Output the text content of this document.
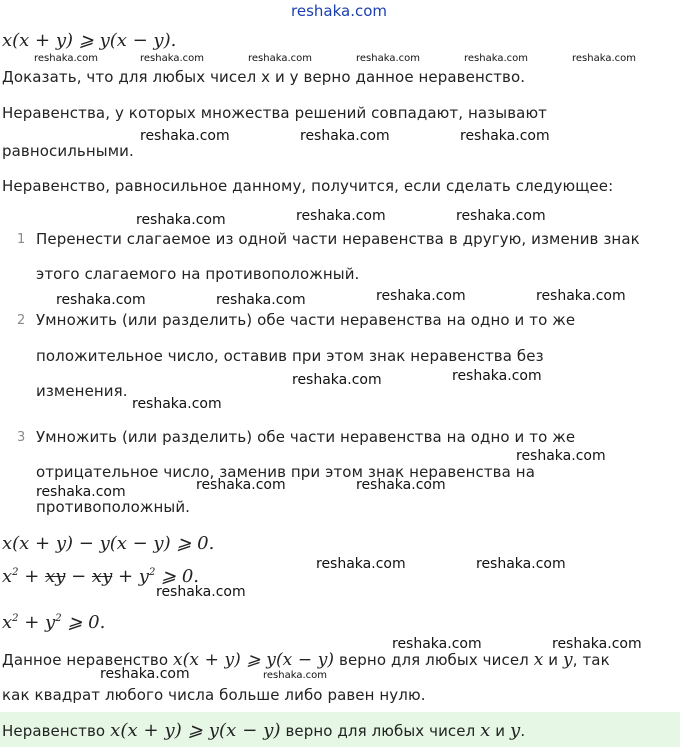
reshaka.com
x(x + y) ⩾ y(x − y).
reshaka.com	reshaka.com	reshaka.com	reshaka.com	reshaka.com	reshaka.com
Доказать, что для любых чисел x и y верно данное неравенство.
Неравенства, у которых множества решений совпадают, называют
reshaka.com	reshaka.com	reshaka.com
равносильными.
Неравенство, равносильное данному, получится, если сделать следующее:
reshaka.com	reshaka.com	reshaka.com
1 Перенести слагаемое из одной части неравенства в другую, изменив знак
этого слагаемого на противоположный.
reshaka.com	reshaka.com	reshaka.com	reshaka.com
2 Умножить (или разделить) обе части неравенства на одно и то же
положительное число, оставив при этом знак неравенства без
reshaka.com	reshaka.com
изменения.
reshaka.com
3 Умножить (или разделить) обе части неравенства на одно и то же
reshaka.com
отрицательное число, заменив при этом знак неравенства на
reshaka.com	reshaka.com
reshaka.com
противоположный.
x(x + y) − y(x − y) ⩾ 0.
$x^2$ + xy − xy + $y^2$ ⩾ 0.
reshaka.com	reshaka.com
reshaka.com
$x^2 + y^2$ ⩾ 0.
reshaka.com	reshaka.com
Данное неравенство x(x + y) ⩾ y(x − y) верно для любых чисел x и y, так
reshaka.com
reshaka.com
как квадрат любого числа больше либо равен нулю.
Неравенство x(x + y) ⩾ y(x − y) верно для любых чисел x и y.
